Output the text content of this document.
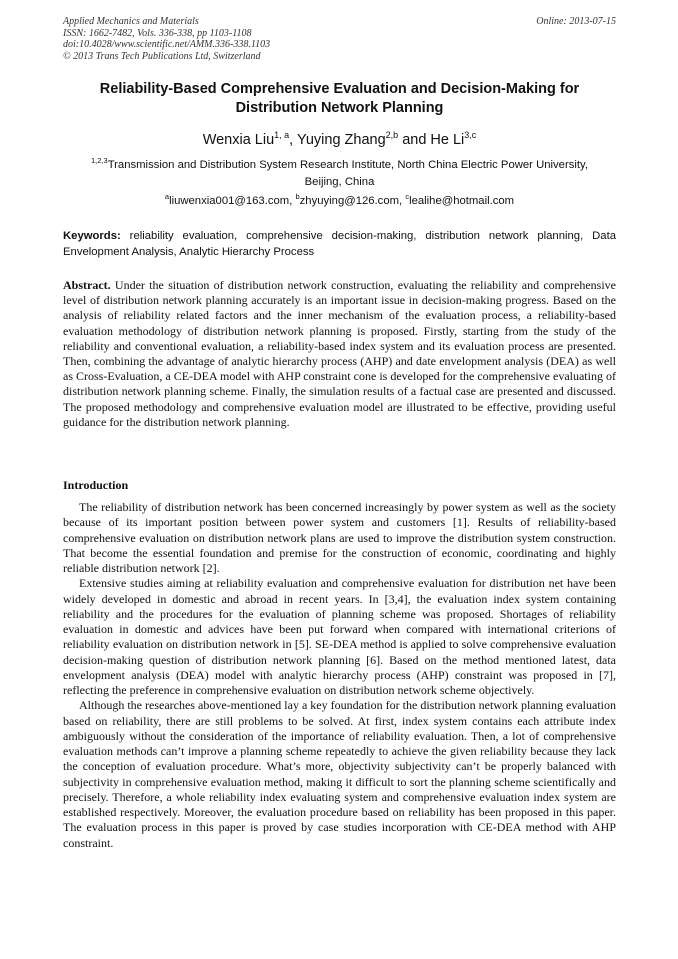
Applied Mechanics and Materials
ISSN: 1662-7482, Vols. 336-338, pp 1103-1108
doi:10.4028/www.scientific.net/AMM.336-338.1103
© 2013 Trans Tech Publications Ltd, Switzerland
Online: 2013-07-15
Reliability-Based Comprehensive Evaluation and Decision-Making for
Distribution Network Planning
Wenxia Liu$^{1, a}$, Yuying Zhang$^{2,b}$ and He Li$^{3,c}$
$^{1,2,3}$Transmission and Distribution System Research Institute, North China Electric Power University,
Beijing, China
$^a$liuwenxia001@163.com, $^b$zhyuying@126.com, $^c$lealihe@hotmail.com
Keywords: reliability evaluation, comprehensive decision-making, distribution network planning, Data Envelopment Analysis, Analytic Hierarchy Process
Abstract. Under the situation of distribution network construction, evaluating the reliability and comprehensive level of distribution network planning accurately is an important issue in decision-making progress. Based on the analysis of reliability related factors and the inner mechanism of the evaluation process, a reliability-based evaluation methodology of distribution network planning is proposed. Firstly, starting from the study of the reliability and conventional evaluation, a reliability-based index system and its evaluation process are presented. Then, combining the advantage of analytic hierarchy process (AHP) and date envelopment analysis (DEA) as well as Cross-Evaluation, a CE-DEA model with AHP constraint cone is developed for the comprehensive evaluating of distribution network planning scheme. Finally, the simulation results of a factual case are presented and discussed. The proposed methodology and comprehensive evaluation model are illustrated to be effective, providing useful guidance for the distribution network planning.
Introduction

The reliability of distribution network has been concerned increasingly by power system as well as the society because of its important position between power system and customers [1]. Results of reliability-based comprehensive evaluation on distribution network plans are used to improve the distribution system construction. That become the essential foundation and premise for the construction of economic, coordinating and highly reliable distribution network [2].

Extensive studies aiming at reliability evaluation and comprehensive evaluation for distribution net have been widely developed in domestic and abroad in recent years. In [3,4], the evaluation index system containing reliability and the procedures for the evaluation of planning scheme was proposed. Shortages of reliability evaluation in domestic and advices have been put forward when compared with international criterions of reliability evaluation on distribution network in [5]. SE-DEA method is applied to solve comprehensive evaluation decision-making question of distribution network planning [6]. Based on the method mentioned latest, data envelopment analysis (DEA) model with analytic hierarchy process (AHP) constraint was proposed in [7], reflecting the preference in comprehensive evaluation on distribution network scheme objectively.

Although the researches above-mentioned lay a key foundation for the distribution network planning evaluation based on reliability, there are still problems to be solved. At first, index system contains each attribute index ambiguously without the consideration of the importance of reliability evaluation. Then, a lot of comprehensive evaluation methods can’t improve a planning scheme repeatedly to achieve the given reliability because they lack the conception of evaluation procedure. What’s more, objectivity subjectivity can’t be properly balanced with subjectivity in comprehensive evaluation method, making it difficult to sort the planning scheme scientifically and precisely. Therefore, a whole reliability index evaluating system and comprehensive evaluation index system are established respectively. Moreover, the evaluation procedure based on reliability has been proposed in this paper. The evaluation process in this paper is proved by case studies incorporation with CE-DEA method with AHP constraint.
